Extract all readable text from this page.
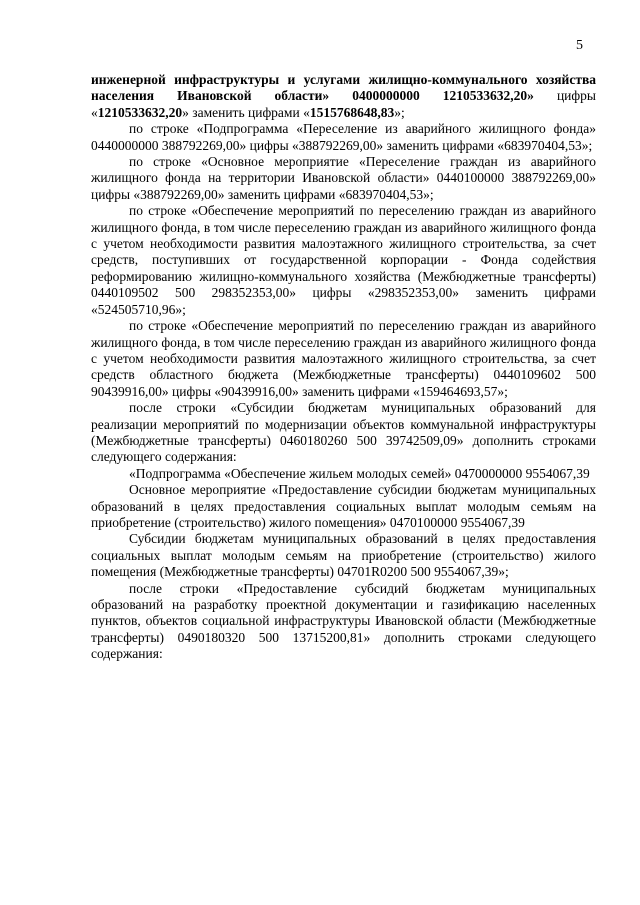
5

инженерной инфраструктуры и услугами жилищно-коммунального хозяйства населения Ивановской области» 0400000000 1210533632,20» цифры «1210533632,20» заменить цифрами «1515768648,83»;

по строке «Подпрограмма «Переселение из аварийного жилищного фонда» 0440000000 388792269,00» цифры «388792269,00» заменить цифрами «683970404,53»;

по строке «Основное мероприятие «Переселение граждан из аварийного жилищного фонда на территории Ивановской области» 0440100000 388792269,00» цифры «388792269,00» заменить цифрами «683970404,53»;

по строке «Обеспечение мероприятий по переселению граждан из аварийного жилищного фонда, в том числе переселению граждан из аварийного жилищного фонда с учетом необходимости развития малоэтажного жилищного строительства, за счет средств, поступивших от государственной корпорации - Фонда содействия реформированию жилищно-коммунального хозяйства (Межбюджетные трансферты) 0440109502 500 298352353,00» цифры «298352353,00» заменить цифрами «524505710,96»;

по строке «Обеспечение мероприятий по переселению граждан из аварийного жилищного фонда, в том числе переселению граждан из аварийного жилищного фонда с учетом необходимости развития малоэтажного жилищного строительства, за счет средств областного бюджета (Межбюджетные трансферты) 0440109602 500 90439916,00» цифры «90439916,00» заменить цифрами «159464693,57»;

после строки «Субсидии бюджетам муниципальных образований для реализации мероприятий по модернизации объектов коммунальной инфраструктуры (Межбюджетные трансферты) 0460180260 500 39742509,09» дополнить строками следующего содержания:

«Подпрограмма «Обеспечение жильем молодых семей» 0470000000 9554067,39

Основное мероприятие «Предоставление субсидии бюджетам муниципальных образований в целях предоставления социальных выплат молодым семьям на приобретение (строительство) жилого помещения» 0470100000 9554067,39

Субсидии бюджетам муниципальных образований в целях предоставления социальных выплат молодым семьям на приобретение (строительство) жилого помещения (Межбюджетные трансферты) 04701R0200 500 9554067,39»;

после строки «Предоставление субсидий бюджетам муниципальных образований на разработку проектной документации и газификацию населенных пунктов, объектов социальной инфраструктуры Ивановской области (Межбюджетные трансферты) 0490180320 500 13715200,81» дополнить строками следующего содержания:
